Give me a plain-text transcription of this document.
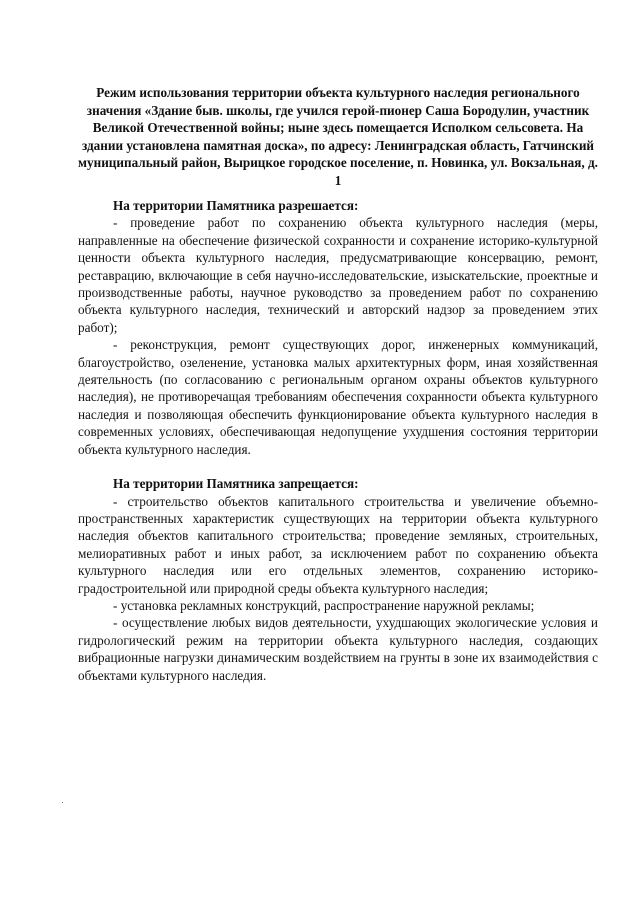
Режим использования территории объекта культурного наследия регионального значения «Здание быв. школы, где учился герой-пионер Саша Бородулин, участник Великой Отечественной войны; ныне здесь помещается Исполком сельсовета. На здании установлена памятная доска», по адресу: Ленинградская область, Гатчинский муниципальный район, Вырицкое городское поселение, п. Новинка, ул. Вокзальная, д. 1

На территории Памятника разрешается:

- проведение работ по сохранению объекта культурного наследия (меры, направленные на обеспечение физической сохранности и сохранение историко-культурной ценности объекта культурного наследия, предусматривающие консервацию, ремонт, реставрацию, включающие в себя научно-исследовательские, изыскательские, проектные и производственные работы, научное руководство за проведением работ по сохранению объекта культурного наследия, технический и авторский надзор за проведением этих работ);

- реконструкция, ремонт существующих дорог, инженерных коммуникаций, благоустройство, озеленение, установка малых архитектурных форм, иная хозяйственная деятельность (по согласованию с региональным органом охраны объектов культурного наследия), не противоречащая требованиям обеспечения сохранности объекта культурного наследия и позволяющая обеспечить функционирование объекта культурного наследия в современных условиях, обеспечивающая недопущение ухудшения состояния территории объекта культурного наследия.

На территории Памятника запрещается:

- строительство объектов капитального строительства и увеличение объемно-пространственных характеристик существующих на территории объекта культурного наследия объектов капитального строительства; проведение земляных, строительных, мелиоративных работ и иных работ, за исключением работ по сохранению объекта культурного наследия или его отдельных элементов, сохранению историко-градостроительной или природной среды объекта культурного наследия;

- установка рекламных конструкций, распространение наружной рекламы;

- осуществление любых видов деятельности, ухудшающих экологические условия и гидрологический режим на территории объекта культурного наследия, создающих вибрационные нагрузки динамическим воздействием на грунты в зоне их взаимодействия с объектами культурного наследия.
